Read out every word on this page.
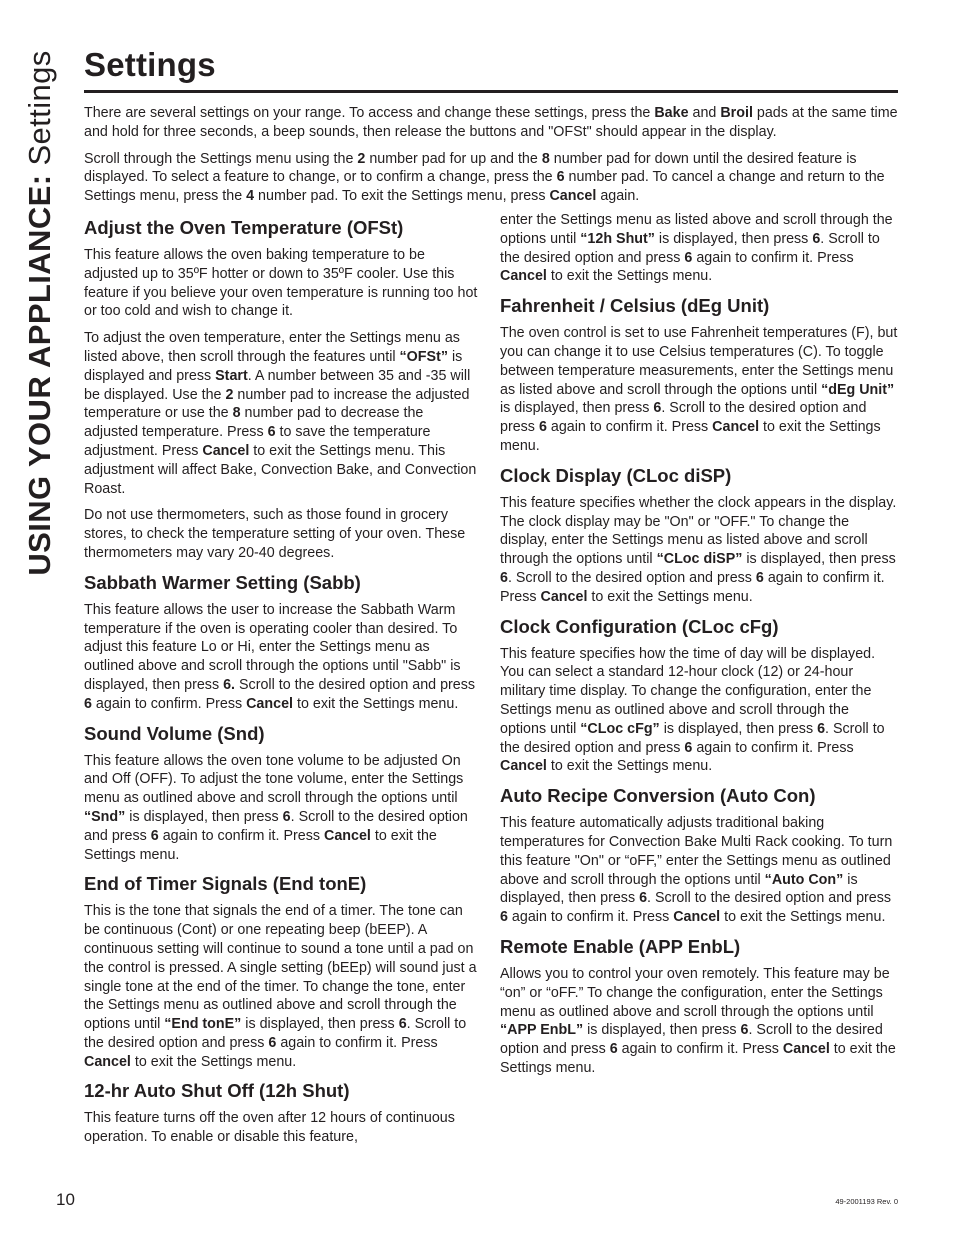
USING YOUR APPLIANCE: Settings Settings

There are several settings on your range. To access and change these settings, press the Bake and Broil pads at the same time and hold for three seconds, a beep sounds, then release the buttons and "OFSt" should appear in the display.

Scroll through the Settings menu using the 2 number pad for up and the 8 number pad for down until the desired feature is displayed. To select a feature to change, or to confirm a change, press the 6 number pad. To cancel a change and return to the Settings menu, press the 4 number pad. To exit the Settings menu, press Cancel again.

Adjust the Oven Temperature (OFSt)

This feature allows the oven baking temperature to be adjusted up to 35ºF hotter or down to 35ºF cooler. Use this feature if you believe your oven temperature is running too hot or too cold and wish to change it.

To adjust the oven temperature, enter the Settings menu as listed above, then scroll through the features until “OFSt” is displayed and press Start. A number between 35 and -35 will be displayed. Use the 2 number pad to increase the adjusted temperature or use the 8 number pad to decrease the adjusted temperature. Press 6 to save the temperature adjustment. Press Cancel to exit the Settings menu. This adjustment will affect Bake, Convection Bake, and Convection Roast.

Do not use thermometers, such as those found in grocery stores, to check the temperature setting of your oven. These thermometers may vary 20-40 degrees.

Sabbath Warmer Setting (Sabb)

This feature allows the user to increase the Sabbath Warm temperature if the oven is operating cooler than desired. To adjust this feature Lo or Hi, enter the Settings menu as outlined above and scroll through the options until "Sabb" is displayed, then press 6. Scroll to the desired option and press 6 again to confirm. Press Cancel to exit the Settings menu.

Sound Volume (Snd)

This feature allows the oven tone volume to be adjusted On and Off (OFF). To adjust the tone volume, enter the Settings menu as outlined above and scroll through the options until “Snd” is displayed, then press 6. Scroll to the desired option and press 6 again to confirm it. Press Cancel to exit the Settings menu.

End of Timer Signals (End tonE)

This is the tone that signals the end of a timer. The tone can be continuous (Cont) or one repeating beep (bEEP). A continuous setting will continue to sound a tone until a pad on the control is pressed. A single setting (bEEp) will sound just a single tone at the end of the timer. To change the tone, enter the Settings menu as outlined above and scroll through the options until “End tonE” is displayed, then press 6. Scroll to the desired option and press 6 again to confirm it. Press Cancel to exit the Settings menu.

12-hr Auto Shut Off (12h Shut)

This feature turns off the oven after 12 hours of continuous operation. To enable or disable this feature,

enter the Settings menu as listed above and scroll through the options until “12h Shut” is displayed, then press 6. Scroll to the desired option and press 6 again to confirm it. Press Cancel to exit the Settings menu.

Fahrenheit / Celsius (dEg Unit)

The oven control is set to use Fahrenheit temperatures (F), but you can change it to use Celsius temperatures (C). To toggle between temperature measurements, enter the Settings menu as listed above and scroll through the options until “dEg Unit” is displayed, then press 6. Scroll to the desired option and press 6 again to confirm it. Press Cancel to exit the Settings menu.

Clock Display (CLoc diSP)

This feature specifies whether the clock appears in the display. The clock display may be "On" or "OFF." To change the display, enter the Settings menu as listed above and scroll through the options until “CLoc diSP” is displayed, then press 6. Scroll to the desired option and press 6 again to confirm it. Press Cancel to exit the Settings menu.

Clock Configuration (CLoc cFg)

This feature specifies how the time of day will be displayed. You can select a standard 12-hour clock (12) or 24-hour military time display. To change the configuration, enter the Settings menu as outlined above and scroll through the options until “CLoc cFg” is displayed, then press 6. Scroll to the desired option and press 6 again to confirm it. Press Cancel to exit the Settings menu.

Auto Recipe Conversion (Auto Con)

This feature automatically adjusts traditional baking temperatures for Convection Bake Multi Rack cooking. To turn this feature "On" or “oFF,” enter the Settings menu as outlined above and scroll through the options until “Auto Con” is displayed, then press 6. Scroll to the desired option and press 6 again to confirm it. Press Cancel to exit the Settings menu.

Remote Enable (APP EnbL)

Allows you to control your oven remotely. This feature may be “on” or “oFF.” To change the configuration, enter the Settings menu as outlined above and scroll through the options until “APP EnbL” is displayed, then press 6. Scroll to the desired option and press 6 again to confirm it. Press Cancel to exit the Settings menu.

10	49-2001193 Rev. 0
